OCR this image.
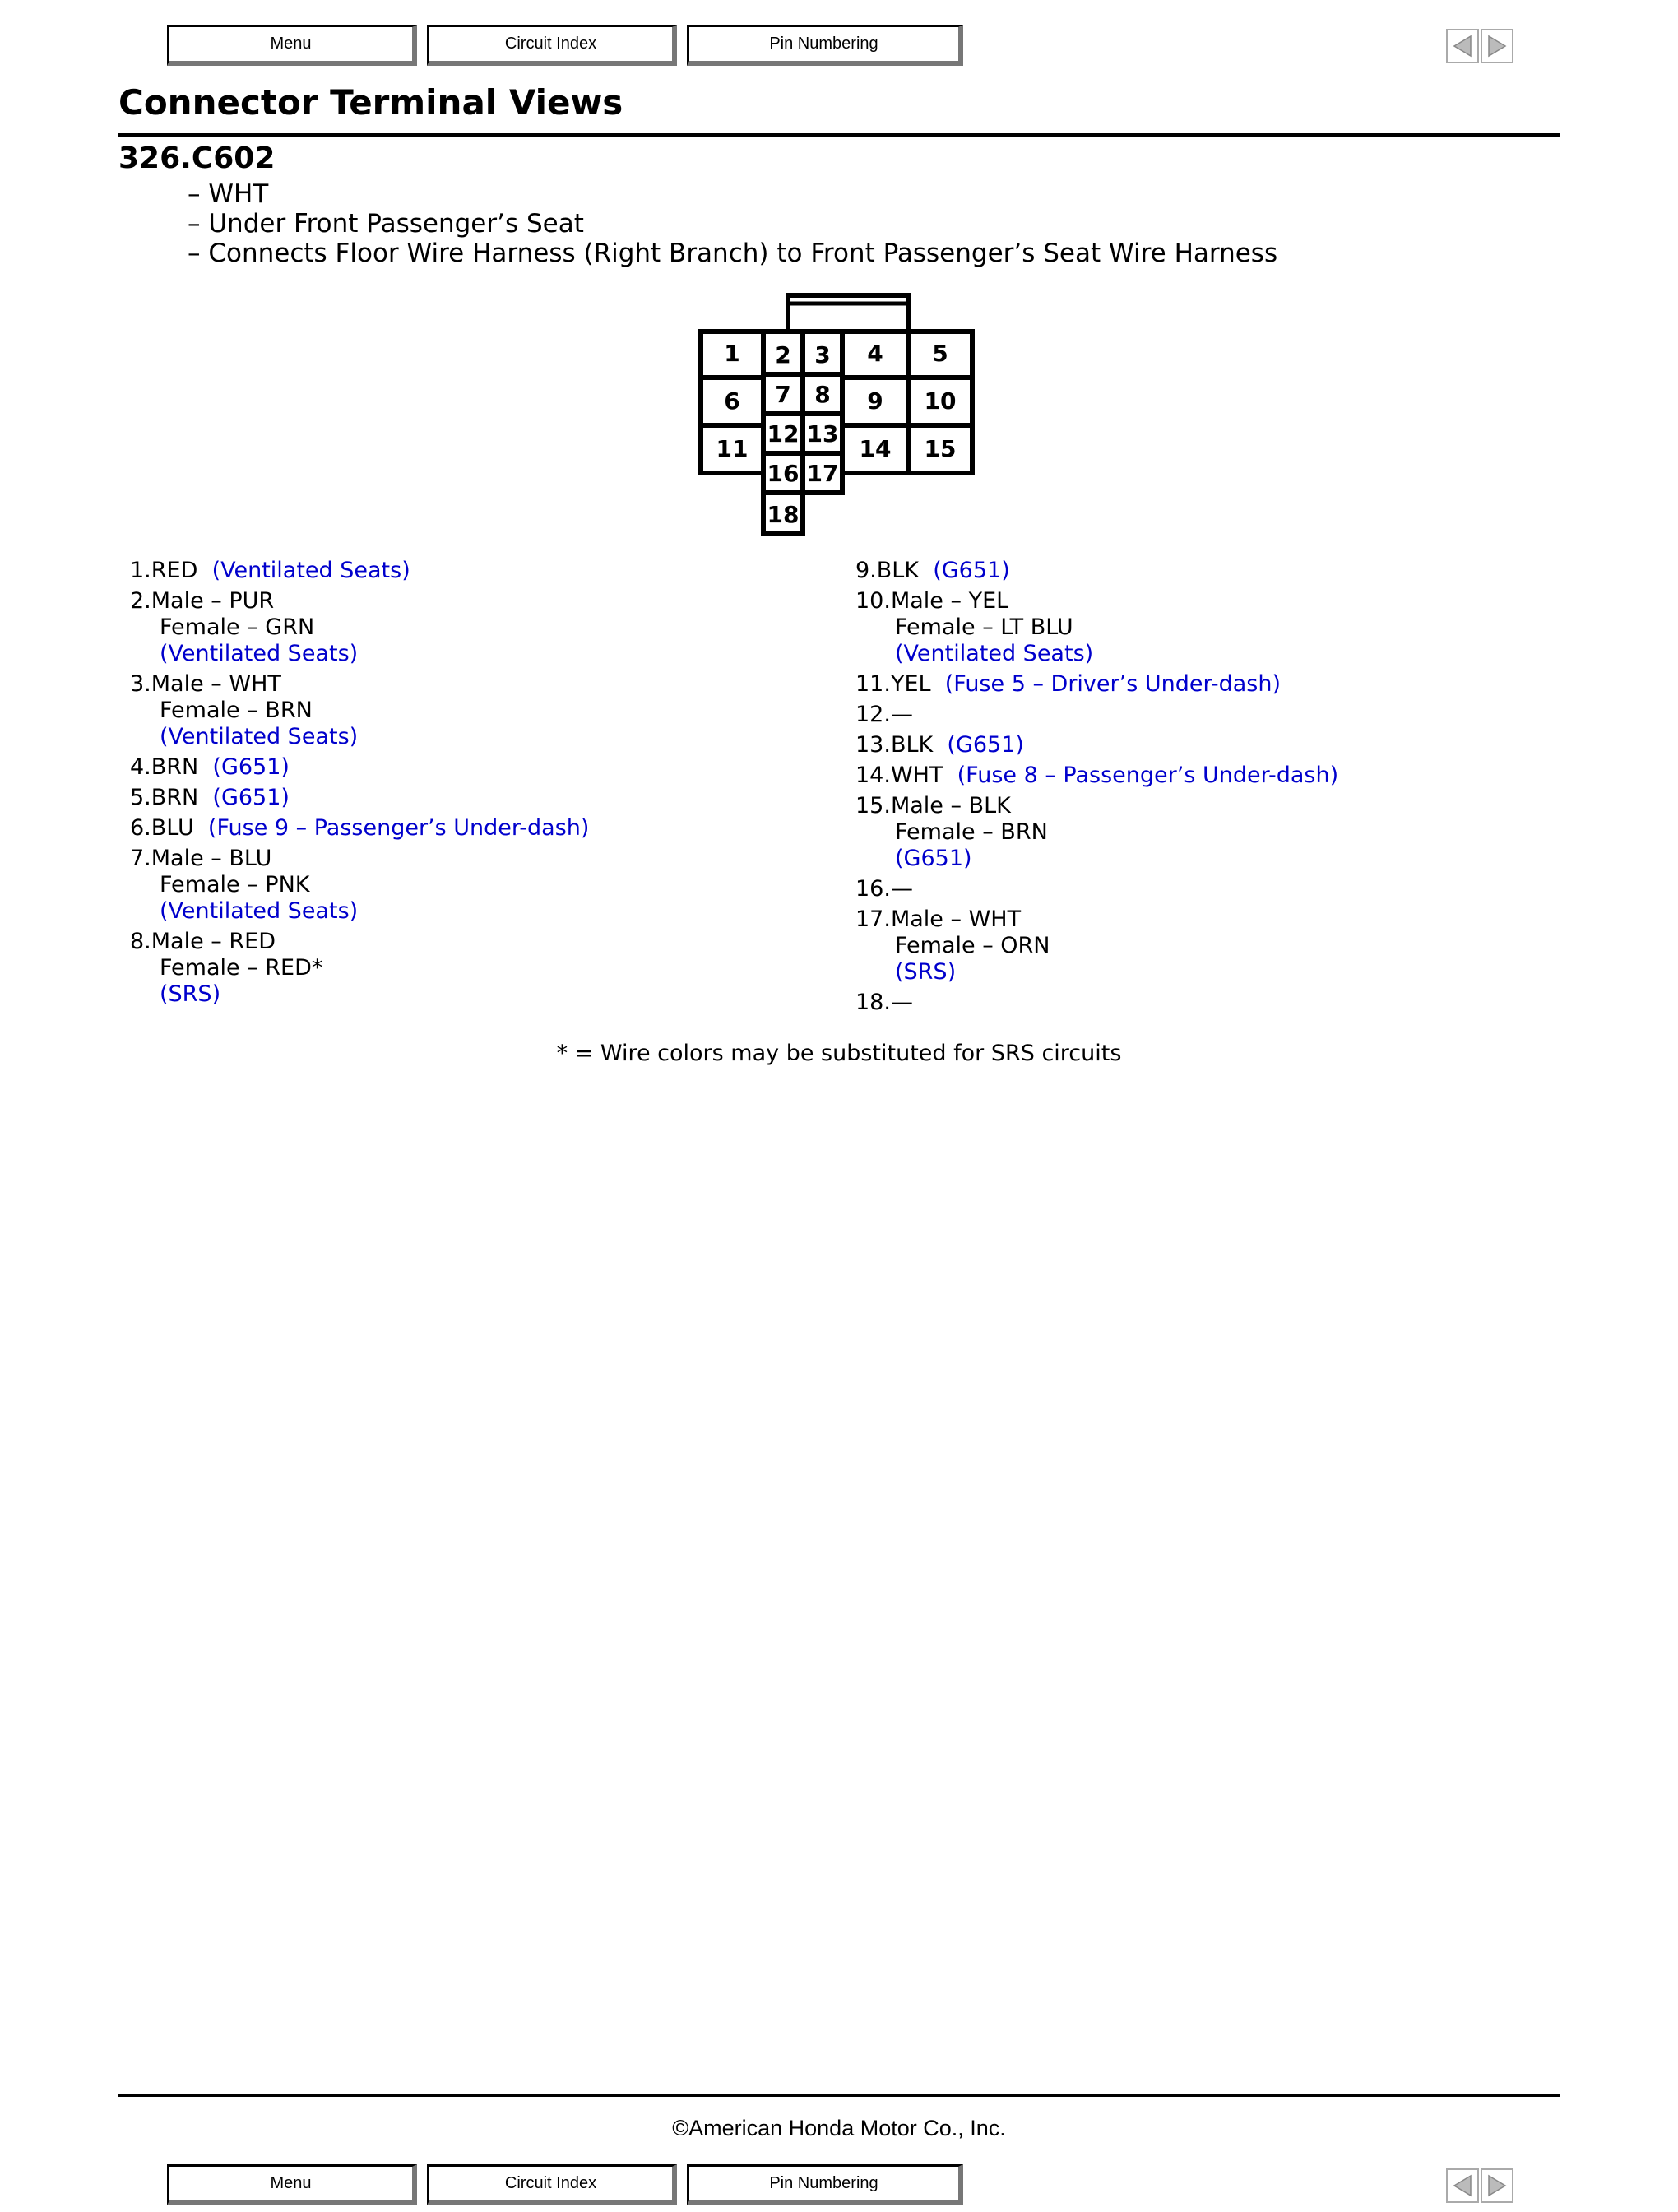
Menu	Circuit Index	Pin Numbering
Connector Terminal Views
326.C602
– WHT
– Under Front Passenger’s Seat
– Connects Floor Wire Harness (Right Branch) to Front Passenger’s Seat Wire Harness
1 2 3 4 5
6 7 8 9 10
11
12 13
14 15
16 17
18
1.RED (Ventilated Seats)
2.Male – PUR
Female – GRN
(Ventilated Seats)
3.Male – WHT
Female – BRN
(Ventilated Seats)
4.BRN (G651)
5.BRN (G651)
6.BLU (Fuse 9 – Passenger’s Under-dash)
7.Male – BLU
Female – PNK
(Ventilated Seats)
8.Male – RED
Female – RED*
(SRS)
9.BLK (G651)
10.Male – YEL
Female – LT BLU
(Ventilated Seats)
11.YEL (Fuse 5 – Driver’s Under-dash)
12.—
13.BLK (G651)
14.WHT (Fuse 8 – Passenger’s Under-dash)
15.Male – BLK
Female – BRN
(G651)
16.—
17.Male – WHT
Female – ORN
(SRS)
18.—
* = Wire colors may be substituted for SRS circuits
©American Honda Motor Co., Inc.
Menu	Circuit Index	Pin Numbering
